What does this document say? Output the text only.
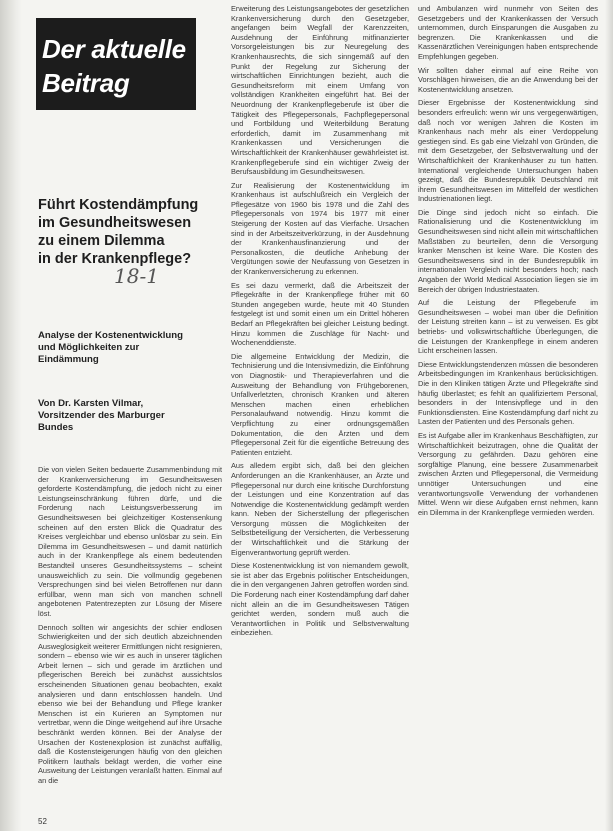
Der aktuelle
Beitrag
Führt Kostendämpfung
im Gesundheitswesen
zu einem Dilemma
in der Krankenpflege?
18-1
Analyse der Kostenentwicklung
und Möglichkeiten zur
Eindämmung
Von Dr. Karsten Vilmar,
Vorsitzender des Marburger
Bundes

Die von vielen Seiten bedauerte Zusammenbindung mit der Krankenversicherung im Gesundheitswesen geforderte Kostendämpfung, die jedoch nicht zu einer Leistungseinschränkung führen dürfe, und die Forderung nach Leistungsverbesserung im Gesundheitswesen bei gleichzeitiger Kostensenkung scheinen auf den ersten Blick die Quadratur des Kreises vergleichbar und ebenso unlösbar zu sein. Ein Dilemma im Gesundheitswesen – und damit natürlich auch in der Krankenpflege als einem bedeutenden Bestandteil unseres Gesundheitssystems – scheint unausweichlich zu sein. Die vollmundig gegebenen Versprechungen sind bei vielen Betroffenen nur dann erfüllbar, wenn man sich von manchen schnell angebotenen Patentrezepten zur Lösung der Misere löst.

Dennoch sollten wir angesichts der schier endlosen Schwierigkeiten und der sich deutlich abzeichnenden Ausweglosigkeit weiterer Ermittlungen nicht resignieren, sondern – ebenso wie wir es auch in unserer täglichen Arbeit lernen – sich und gerade im ärztlichen und pflegerischen Bereich bei zunächst aussichtslos erscheinenden Situationen genau beobachten, exakt analysieren und dann entschlossen handeln. Und ebenso wie bei der Behandlung und Pflege kranker Menschen ist ein Kurieren an Symptomen nur vertretbar, wenn die Dinge weitgehend auf ihre Ursache beschränkt werden können. Bei der Analyse der Ursachen der Kostenexplosion ist zunächst auffällig, daß die Kostensteigerungen häufig von den gleichen Politikern lauthals beklagt werden, die vorher eine Ausweitung der Leistungen veranlaßt hatten. Einmal auf an die

Erweiterung des Leistungsangebotes der gesetzlichen Krankenversicherung durch den Gesetzgeber, angefangen beim Wegfall der Karenzzeiten, Ausdehnung der Einführung mitfinanzierter Vorsorgeleistungen bis zur Neuregelung des Krankenhausrechts, die sich sinngemäß auf den Punkt der Regelung zur Sicherung der wirtschaftlichen Einrichtungen bezieht, auch die Gesundheitsreform mit einem Umfang von vollständigen Krankheiten eingeführt hat. Bei der Neuordnung der Krankenpflegeberufe ist über die Tätigkeit des Pflegepersonals, Fachpflegepersonal und Fortbildung und Weiterbildung Beratung erforderlich, damit im Zusammenhang mit Krankenkassen und Versicherungen die Wirtschaftlichkeit der Krankenhäuser gewährleistet ist. Krankenpflegeberufe sind ein wichtiger Zweig der Berufsausbildung im Gesundheitswesen.

Zur Realisierung der Kostenentwicklung im Krankenhaus ist aufschlußreich ein Vergleich der Pflegesätze von 1960 bis 1978 und die Zahl des Pflegepersonals von 1974 bis 1977 mit einer Steigerung der Kosten auf das Vierfache. Ursachen sind in der Arbeitszeitverkürzung, in der Ausdehnung der Krankenhausfinanzierung und der Personalkosten, die deutliche Anhebung der Vergütungen sowie der Neufassung von Gesetzen in der Krankenversicherung zu erkennen.

Es sei dazu vermerkt, daß die Arbeitszeit der Pflegekräfte in der Krankenpflege früher mit 60 Stunden angegeben wurde, heute mit 40 Stunden festgelegt ist und somit einen um ein Drittel höheren Bedarf an Pflegekräften bei gleicher Leistung bedingt. Hinzu kommen die Zuschläge für Nacht- und Wochenenddienste.

Die allgemeine Entwicklung der Medizin, die Technisierung und die Intensivmedizin, die Einführung von Diagnostik- und Therapieverfahren und die Ausweitung der Behandlung von Frühgeborenen, Unfallverletzten, chronisch Kranken und älteren Menschen machen einen erheblichen Personalaufwand notwendig. Hinzu kommt die Verpflichtung zu einer ordnungsgemäßen Dokumentation, die den Ärzten und dem Pflegepersonal Zeit für die eigentliche Betreuung des Patienten entzieht.

Aus alledem ergibt sich, daß bei den gleichen Anforderungen an die Krankenhäuser, an Ärzte und Pflegepersonal nur durch eine kritische Durchforstung der Leistungen und eine Konzentration auf das Notwendige die Kostenentwicklung gedämpft werden kann. Neben der Sicherstellung der pflegerischen Versorgung müssen die Möglichkeiten der Selbstbeteiligung der Versicherten, die Verbesserung der Wirtschaftlichkeit und die Stärkung der Eigenverantwortung geprüft werden.

Diese Kostenentwicklung ist von niemandem gewollt, sie ist aber das Ergebnis politischer Entscheidungen, die in den vergangenen Jahren getroffen worden sind. Die Forderung nach einer Kostendämpfung darf daher nicht allein an die im Gesundheitswesen Tätigen gerichtet werden, sondern muß auch die Verantwortlichen in Politik und Selbstverwaltung einbeziehen.

und Ambulanzen wird nunmehr von Seiten des Gesetzgebers und der Krankenkassen der Versuch unternommen, durch Einsparungen die Ausgaben zu begrenzen. Die Krankenkassen und die Kassenärztlichen Vereinigungen haben entsprechende Empfehlungen gegeben.

Wir sollten daher einmal auf eine Reihe von Vorschlägen hinweisen, die an die Anwendung bei der Kostenentwicklung ansetzen.

Dieser Ergebnisse der Kostenentwicklung sind besonders erfreulich: wenn wir uns vergegenwärtigen, daß noch vor wenigen Jahren die Kosten im Krankenhaus nach mehr als einer Verdoppelung gestiegen sind. Es gab eine Vielzahl von Gründen, die mit dem Gesetzgeber, der Selbstverwaltung und der Wirtschaftlichkeit der Krankenhäuser zu tun hatten. International vergleichende Untersuchungen haben gezeigt, daß die Bundesrepublik Deutschland mit ihrem Gesundheitswesen im Mittelfeld der westlichen Industrienationen liegt.

Die Dinge sind jedoch nicht so einfach. Die Rationalisierung und die Kostenentwicklung im Gesundheitswesen sind nicht allein mit wirtschaftlichen Maßstäben zu beurteilen, denn die Versorgung kranker Menschen ist keine Ware. Die Kosten des Gesundheitswesens sind in der Bundesrepublik im internationalen Vergleich nicht besonders hoch; nach Angaben der World Medical Association liegen sie im Bereich der übrigen Industriestaaten.

Auf die Leistung der Pflegeberufe im Gesundheitswesen – wobei man über die Definition der Leistung streiten kann – ist zu verweisen. Es gibt betriebs- und volkswirtschaftliche Überlegungen, die die Leistungen der Krankenpflege in einem anderen Licht erscheinen lassen.

Diese Entwicklungstendenzen müssen die besonderen Arbeitsbedingungen im Krankenhaus berücksichtigen. Die in den Kliniken tätigen Ärzte und Pflegekräfte sind häufig überlastet; es fehlt an qualifiziertem Personal, besonders in der Intensivpflege und in den Funktionsdiensten. Eine Kostendämpfung darf nicht zu Lasten der Patienten und des Personals gehen.

Es ist Aufgabe aller im Krankenhaus Beschäftigten, zur Wirtschaftlichkeit beizutragen, ohne die Qualität der Versorgung zu gefährden. Dazu gehören eine sorgfältige Planung, eine bessere Zusammenarbeit zwischen Ärzten und Pflegepersonal, die Vermeidung unnötiger Untersuchungen und eine verantwortungsvolle Verwendung der vorhandenen Mittel. Wenn wir diese Aufgaben ernst nehmen, kann ein Dilemma in der Krankenpflege vermieden werden.

52
